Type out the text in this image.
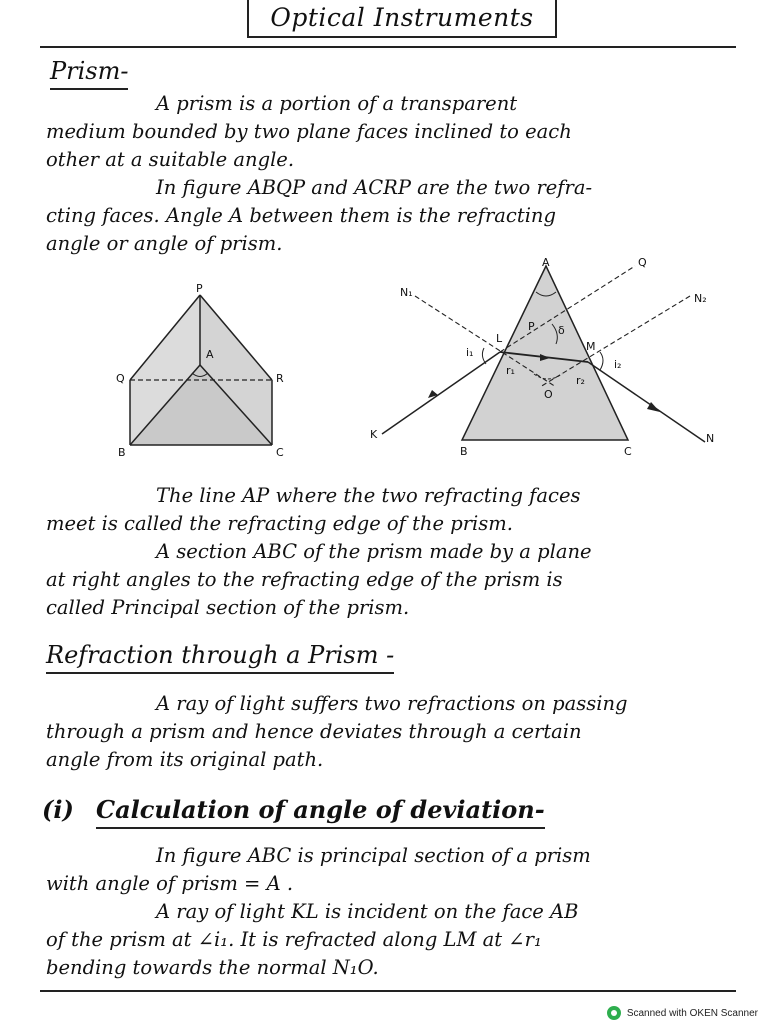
Optical Instruments
Prism-
A prism is a portion of a transparent
medium bounded by two plane faces inclined to each
other at a suitable angle.
In figure ABQP and ACRP are the two refra-
cting faces. Angle A between them is the refracting
angle or angle of prism.
P
A
Q	R
B	C
A	Q
N₁	N₂
P δ
L
M
i₁
i₂
r₁
r₂
O
K	N
B	C
The line AP where the two refracting faces
meet is called the refracting edge of the prism.
A section ABC of the prism made by a plane
at right angles to the refracting edge of the prism is
called Principal section of the prism.
Refraction through a Prism -
A ray of light suffers two refractions on passing
through a prism and hence deviates through a certain
angle from its original path.
(i) Calculation of angle of deviation-
In figure ABC is principal section of a prism
with angle of prism = A .
A ray of light KL is incident on the face AB
of the prism at ∠i₁. It is refracted along LM at ∠r₁
bending towards the normal N₁O.
Scanned with OKEN Scanner
